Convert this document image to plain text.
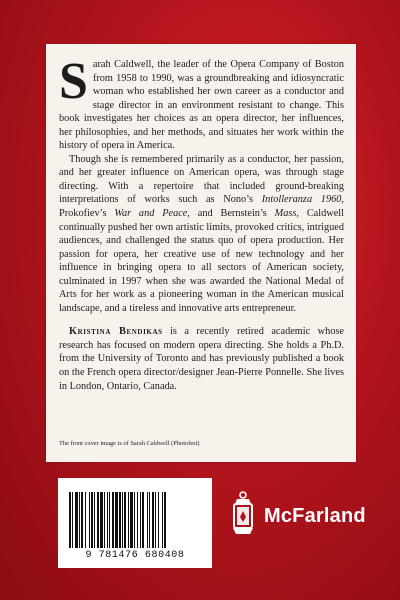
Sarah Caldwell, the leader of the Opera Company of Boston from 1958 to 1990, was a groundbreaking and idiosyncratic woman who established her own career as a conductor and stage director in an environment resistant to change. This book investigates her choices as an opera director, her influences, her philosophies, and her methods, and situates her work within the history of opera in America.

Though she is remembered primarily as a conductor, her passion, and her greater influence on American opera, was through stage directing. With a repertoire that included ground-breaking interpretations of works such as Nono’s Intolleranza 1960, Prokofiev’s War and Peace, and Bernstein’s Mass, Caldwell continually pushed her own artistic limits, provoked critics, intrigued audiences, and challenged the status quo of opera production. Her passion for opera, her creative use of new technology and her influence in bringing opera to all sectors of American society, culminated in 1997 when she was awarded the National Medal of Arts for her work as a pioneering woman in the American musical landscape, and a tireless and innovative arts entrepreneur.

Kristina Bendikas is a recently retired academic whose research has focused on modern opera directing. She holds a Ph.D. from the University of Toronto and has previously published a book on the French opera director/designer Jean-Pierre Ponnelle. She lives in London, Ontario, Canada.

The front cover image is of Sarah Caldwell (Photofest)
9 781476 680408
McFarland
